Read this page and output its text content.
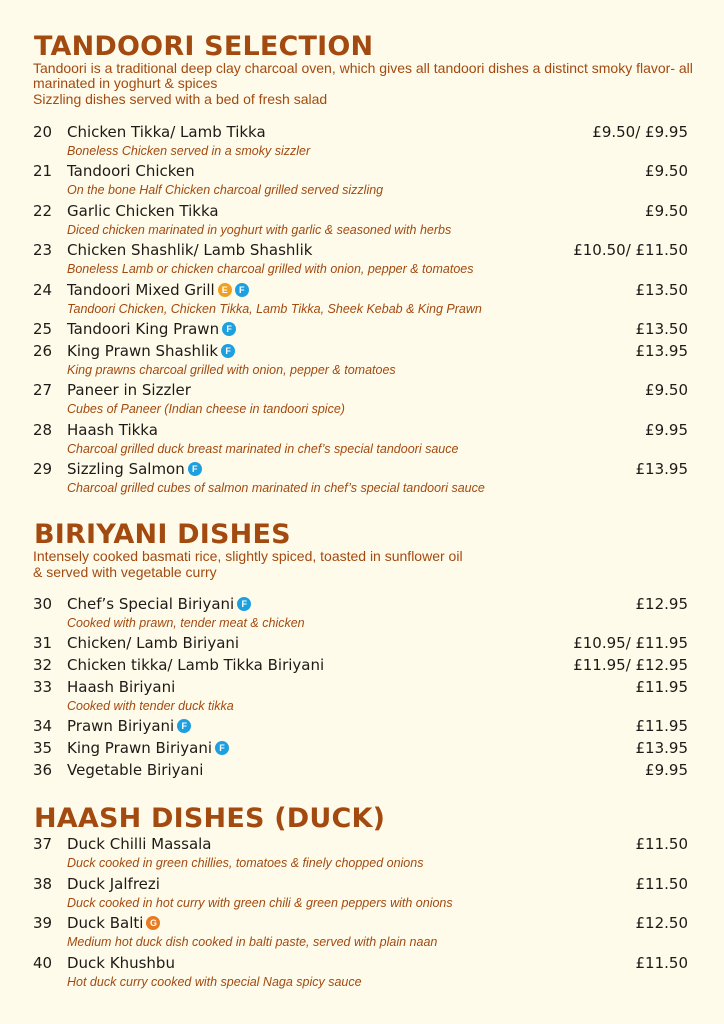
TANDOORI SELECTION
Tandoori is a traditional deep clay charcoal oven, which gives all tandoori dishes a distinct smoky flavor- all marinated in yoghurt & spices
Sizzling dishes served with a bed of fresh salad
20 Chicken Tikka/ Lamb Tikka	£9.50/ £9.95
Boneless Chicken served in a smoky sizzler
21 Tandoori Chicken	£9.50
On the bone Half Chicken charcoal grilled served sizzling
22 Garlic Chicken Tikka	£9.50
Diced chicken marinated in yoghurt with garlic & seasoned with herbs
23 Chicken Shashlik/ Lamb Shashlik	£10.50/ £11.50
Boneless Lamb or chicken charcoal grilled with onion, pepper & tomatoes
24 Tandoori Mixed Grill E F	£13.50
Tandoori Chicken, Chicken Tikka, Lamb Tikka, Sheek Kebab & King Prawn
25 Tandoori King Prawn F	£13.50
26 King Prawn Shashlik F	£13.95
King prawns charcoal grilled with onion, pepper & tomatoes
27 Paneer in Sizzler	£9.50
Cubes of Paneer (Indian cheese in tandoori spice)
28 Haash Tikka	£9.95
Charcoal grilled duck breast marinated in chef’s special tandoori sauce
29 Sizzling Salmon F	£13.95
Charcoal grilled cubes of salmon marinated in chef’s special tandoori sauce
BIRIYANI DISHES
Intensely cooked basmati rice, slightly spiced, toasted in sunflower oil
& served with vegetable curry
30 Chef’s Special Biriyani F	£12.95
Cooked with prawn, tender meat & chicken
31 Chicken/ Lamb Biriyani	£10.95/ £11.95
32 Chicken tikka/ Lamb Tikka Biriyani	£11.95/ £12.95
33 Haash Biriyani	£11.95
Cooked with tender duck tikka
34 Prawn Biriyani F	£11.95
35 King Prawn Biriyani F	£13.95
36 Vegetable Biriyani	£9.95
HAASH DISHES (DUCK)
37 Duck Chilli Massala	£11.50
Duck cooked in green chillies, tomatoes & finely chopped onions
38 Duck Jalfrezi	£11.50
Duck cooked in hot curry with green chili & green peppers with onions
39 Duck Balti G	£12.50
Medium hot duck dish cooked in balti paste, served with plain naan
40 Duck Khushbu	£11.50
Hot duck curry cooked with special Naga spicy sauce
